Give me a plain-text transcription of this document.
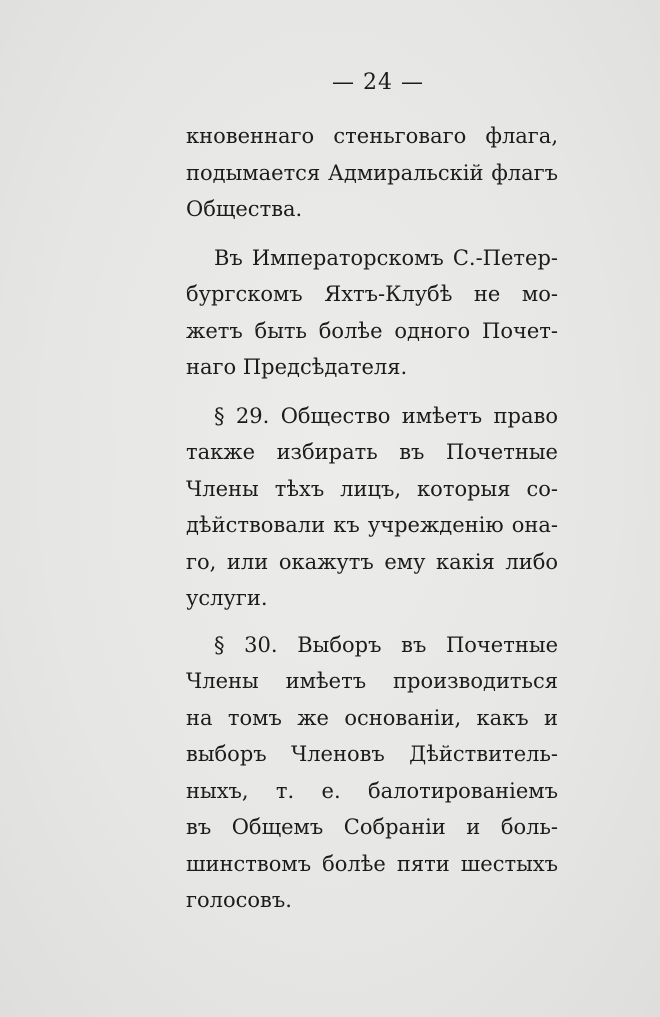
— 24 —
кновеннаго стеньговаго флага,
подымается Адмиральскій флагъ
Общества.
Въ Императорскомъ С.-Петер-
бургскомъ Яхтъ-Клубѣ не мо-
жетъ быть болѣе одного Почет-
наго Предсѣдателя.
§ 29. Общество имѣетъ право
также избирать въ Почетные
Члены тѣхъ лицъ, которыя со-
дѣйствовали къ учрежденію она-
го, или окажутъ ему какія либо
услуги.
§ 30. Выборъ въ Почетные
Члены имѣетъ производиться
на томъ же основаніи, какъ и
выборъ Членовъ Дѣйствитель-
ныхъ, т. е. балотированіемъ
въ Общемъ Собраніи и боль-
шинствомъ болѣе пяти шестыхъ
голосовъ.
